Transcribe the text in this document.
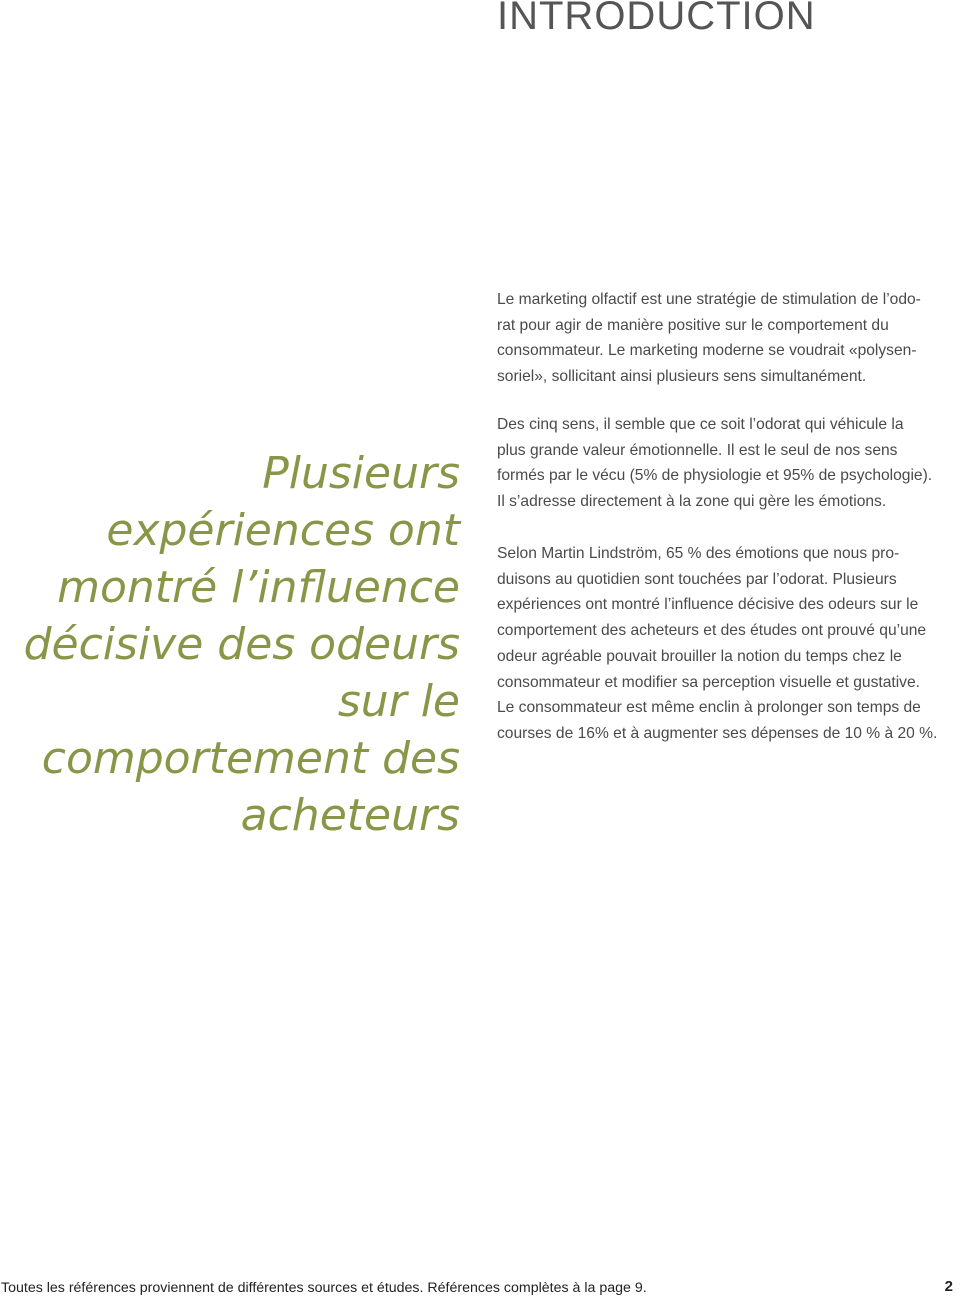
INTRODUCTION

Plusieurs expériences ont montré l’influence décisive des odeurs sur le comportement des acheteurs

Le marketing olfactif est une stratégie de stimulation de l’odo-
rat pour agir de manière positive sur le comportement du
consommateur. Le marketing moderne se voudrait «polysen-
soriel», sollicitant ainsi plusieurs sens simultanément.

Des cinq sens, il semble que ce soit l’odorat qui véhicule la
plus grande valeur émotionnelle. Il est le seul de nos sens
formés par le vécu (5% de physiologie et 95% de psychologie).
Il s’adresse directement à la zone qui gère les émotions.

Selon Martin Lindström, 65 % des émotions que nous pro-
duisons au quotidien sont touchées par l’odorat. Plusieurs
expériences ont montré l’influence décisive des odeurs sur le
comportement des acheteurs et des études ont prouvé qu’une
odeur agréable pouvait brouiller la notion du temps chez le
consommateur et modifier sa perception visuelle et gustative.
Le consommateur est même enclin à prolonger son temps de
courses de 16% et à augmenter ses dépenses de 10 % à 20 %.

Toutes les références proviennent de différentes sources et études. Références complètes à la page 9.	2
